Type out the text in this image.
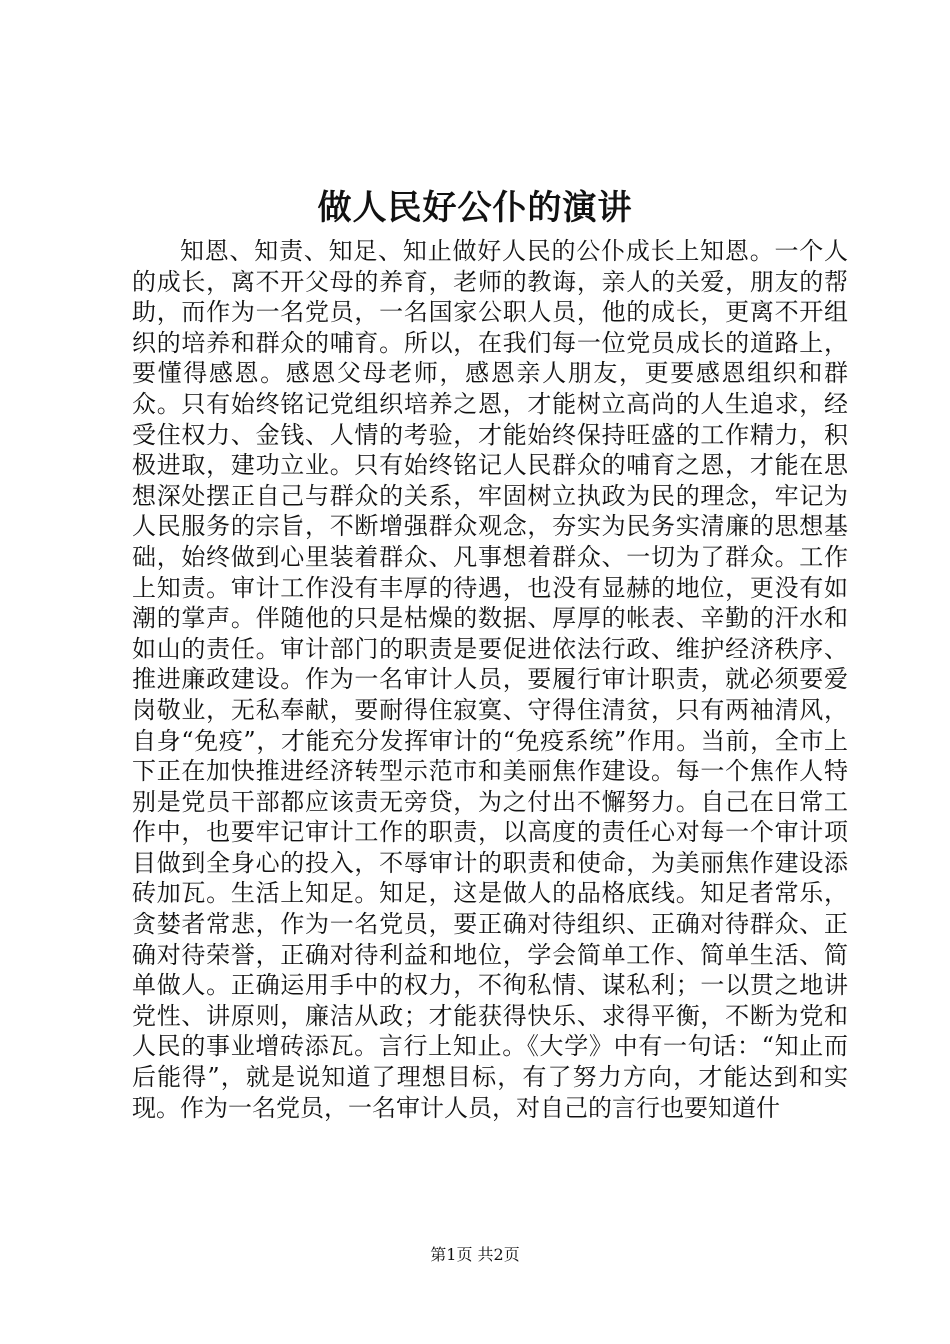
做人民好公仆的演讲

知恩、知责、知足、知止做好人民的公仆成长上知恩。一个人的成长，离不开父母的养育，老师的教诲，亲人的关爱，朋友的帮助，而作为一名党员，一名国家公职人员，他的成长，更离不开组织的培养和群众的哺育。所以，在我们每一位党员成长的道路上，要懂得感恩。感恩父母老师，感恩亲人朋友，更要感恩组织和群众。只有始终铭记党组织培养之恩，才能树立高尚的人生追求，经受住权力、金钱、人情的考验，才能始终保持旺盛的工作精力，积极进取，建功立业。只有始终铭记人民群众的哺育之恩，才能在思想深处摆正自己与群众的关系，牢固树立执政为民的理念，牢记为人民服务的宗旨，不断增强群众观念，夯实为民务实清廉的思想基础，始终做到心里装着群众、凡事想着群众、一切为了群众。工作上知责。审计工作没有丰厚的待遇，也没有显赫的地位，更没有如潮的掌声。伴随他的只是枯燥的数据、厚厚的帐表、辛勤的汗水和如山的责任。审计部门的职责是要促进依法行政、维护经济秩序、推进廉政建设。作为一名审计人员，要履行审计职责，就必须要爱岗敬业，无私奉献，要耐得住寂寞、守得住清贫，只有两袖清风，自身“免疫”，才能充分发挥审计的“免疫系统”作用。当前，全市上下正在加快推进经济转型示范市和美丽焦作建设。每一个焦作人特别是党员干部都应该责无旁贷，为之付出不懈努力。自己在日常工作中，也要牢记审计工作的职责，以高度的责任心对每一个审计项目做到全身心的投入，不辱审计的职责和使命，为美丽焦作建设添砖加瓦。生活上知足。知足，这是做人的品格底线。知足者常乐，贪婪者常悲，作为一名党员，要正确对待组织、正确对待群众、正确对待荣誉，正确对待利益和地位，学会简单工作、简单生活、简单做人。正确运用手中的权力，不徇私情、谋私利；一以贯之地讲党性、讲原则，廉洁从政；才能获得快乐、求得平衡，不断为党和人民的事业增砖添瓦。言行上知止。《大学》中有一句话：“知止而后能得”，就是说知道了理想目标，有了努力方向，才能达到和实现。作为一名党员，一名审计人员，对自己的言行也要知道什

第1页 共2页
